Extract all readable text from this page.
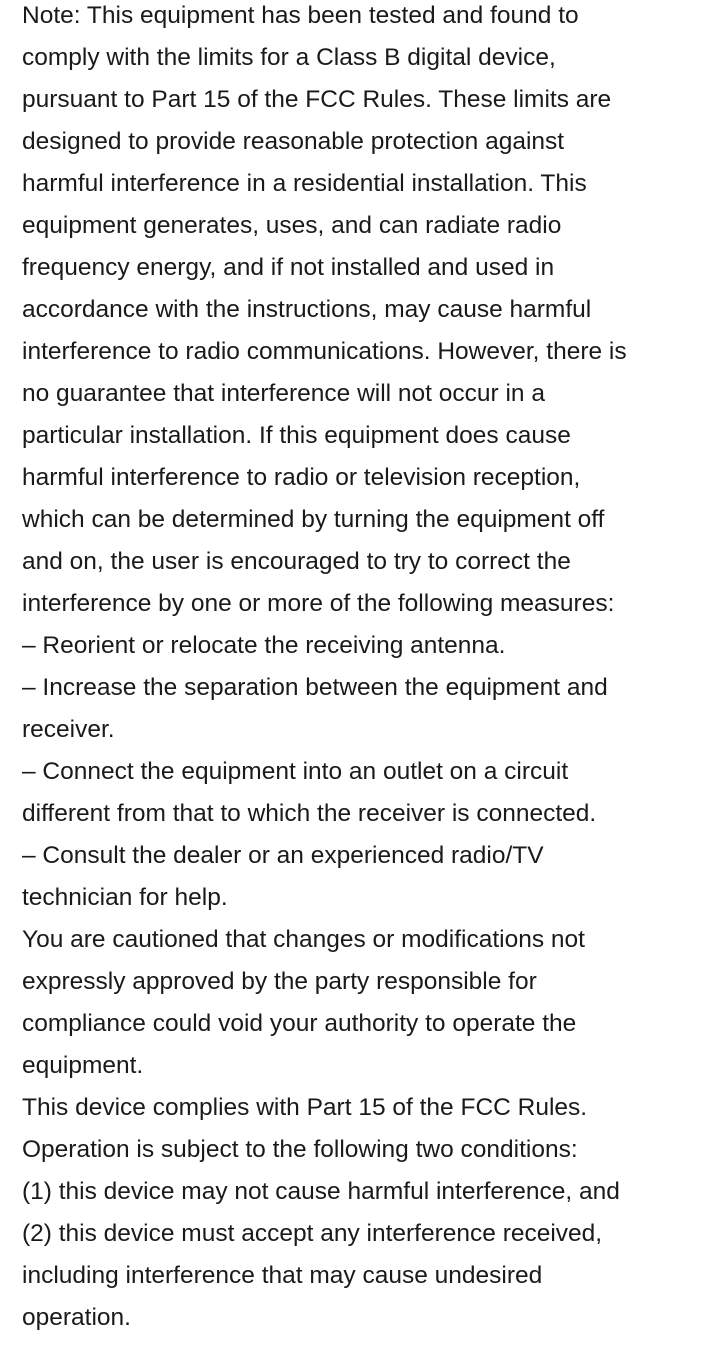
Note: This equipment has been tested and found to
comply with the limits for a Class B digital device,
pursuant to Part 15 of the FCC Rules. These limits are
designed to provide reasonable protection against
harmful interference in a residential installation. This
equipment generates, uses, and can radiate radio
frequency energy, and if not installed and used in
accordance with the instructions, may cause harmful
interference to radio communications. However, there is
no guarantee that interference will not occur in a
particular installation. If this equipment does cause
harmful interference to radio or television reception,
which can be determined by turning the equipment off
and on, the user is encouraged to try to correct the
interference by one or more of the following measures:
– Reorient or relocate the receiving antenna.
– Increase the separation between the equipment and
receiver.
– Connect the equipment into an outlet on a circuit
different from that to which the receiver is connected.
– Consult the dealer or an experienced radio/TV
technician for help.
You are cautioned that changes or modifications not
expressly approved by the party responsible for
compliance could void your authority to operate the
equipment.
This device complies with Part 15 of the FCC Rules.
Operation is subject to the following two conditions:
(1) this device may not cause harmful interference, and
(2) this device must accept any interference received,
including interference that may cause undesired
operation.
